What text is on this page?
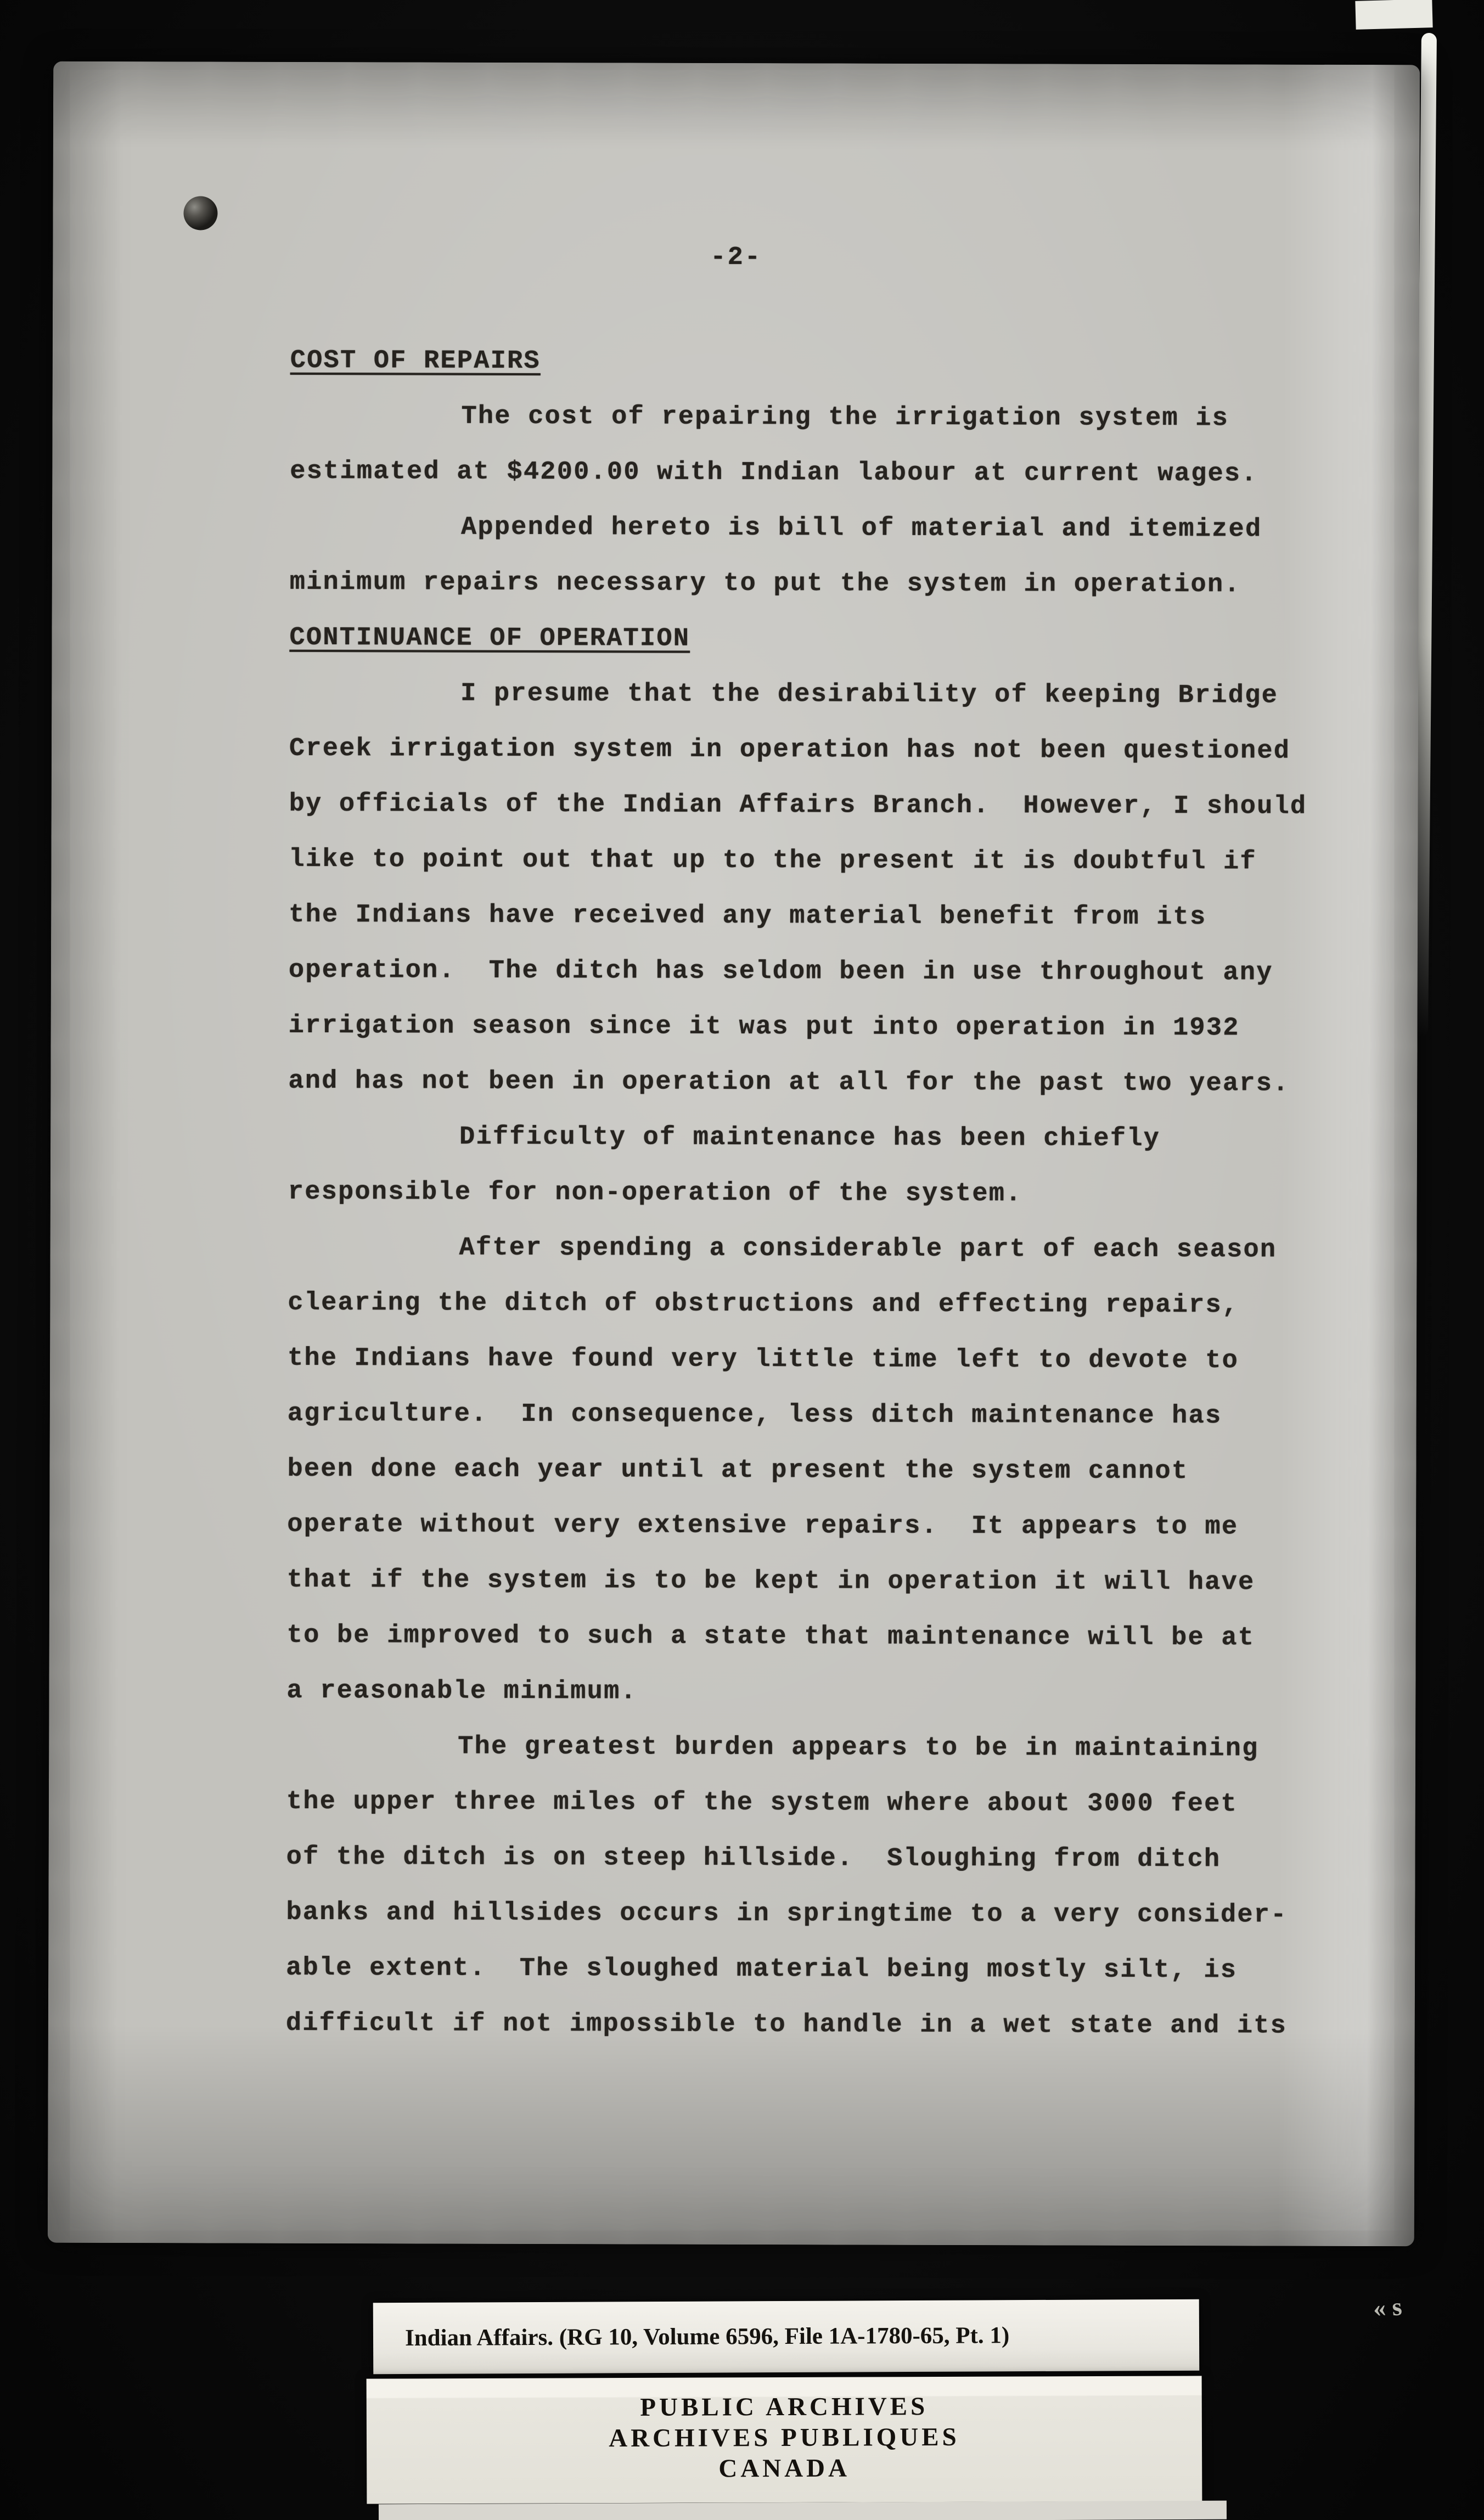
-2-
COST OF REPAIRS
The cost of repairing the irrigation system is
estimated at $4200.00 with Indian labour at current wages.
Appended hereto is bill of material and itemized
minimum repairs necessary to put the system in operation.
CONTINUANCE OF OPERATION
I presume that the desirability of keeping Bridge
Creek irrigation system in operation has not been questioned
by officials of the Indian Affairs Branch.  However, I should
like to point out that up to the present it is doubtful if
the Indians have received any material benefit from its
operation.  The ditch has seldom been in use throughout any
irrigation season since it was put into operation in 1932
and has not been in operation at all for the past two years.
Difficulty of maintenance has been chiefly
responsible for non-operation of the system.
After spending a considerable part of each season
clearing the ditch of obstructions and effecting repairs,
the Indians have found very little time left to devote to
agriculture.  In consequence, less ditch maintenance has
been done each year until at present the system cannot
operate without very extensive repairs.  It appears to me
that if the system is to be kept in operation it will have
to be improved to such a state that maintenance will be at
a reasonable minimum.
The greatest burden appears to be in maintaining
the upper three miles of the system where about 3000 feet
of the ditch is on steep hillside.  Sloughing from ditch
banks and hillsides occurs in springtime to a very consider-
able extent.  The sloughed material being mostly silt, is
difficult if not impossible to handle in a wet state and its
« s
Indian Affairs. (RG 10, Volume 6596, File 1A-1780-65, Pt. 1)
PUBLIC ARCHIVES
ARCHIVES PUBLIQUES
CANADA
